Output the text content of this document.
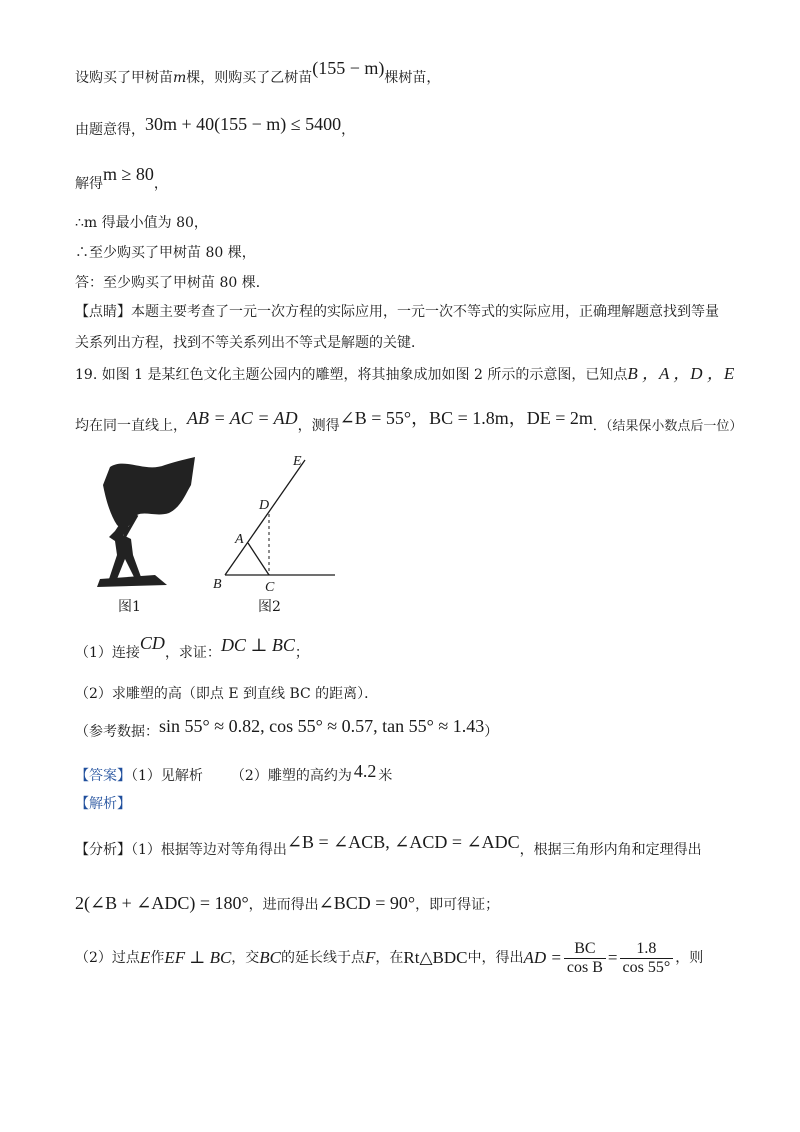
设购买了甲树苗m棵，则购买了乙树苗(155 − m)棵树苗，
由题意得，30m + 40(155 − m) ≤ 5400，
解得m ≥ 80，
∴m 得最小值为 80，
∴至少购买了甲树苗 80 棵，
答：至少购买了甲树苗 80 棵．
【点睛】本题主要考查了一元一次方程的实际应用，一元一次不等式的实际应用，正确理解题意找到等量
关系列出方程，找到不等关系列出不等式是解题的关键．
19. 如图 1 是某红色文化主题公园内的雕塑，将其抽象成加如图 2 所示的示意图，已知点B ，A ，D ，E
均在同一直线上，AB = AC = AD，测得∠B = 55°，BC = 1.8m，DE = 2m．（结果保小数点后一位）
E
D
A
B	C
图1	图2
（1）连接CD，求证：DC ⊥ BC；
（2）求雕塑的高（即点 E 到直线 BC 的距离）．
（参考数据：sin 55° ≈ 0.82, cos 55° ≈ 0.57, tan 55° ≈ 1.43）
【答案】（1）见解析 （2）雕塑的高约为 4.2 米
【解析】
【分析】（1）根据等边对等角得出∠B = ∠ACB, ∠ACD = ∠ADC，根据三角形内角和定理得出
2(∠B + ∠ADC) = 180°，进而得出∠BCD = 90°，即可得证；
（2）过点 E 作 EF ⊥ BC ，交 BC 的延长线于点 F ，在 Rt△BDC 中，得出 AD = $\frac{BC}{\text{cos B}} = \frac{1.8}{\cos 55^\circ}$ ，则
